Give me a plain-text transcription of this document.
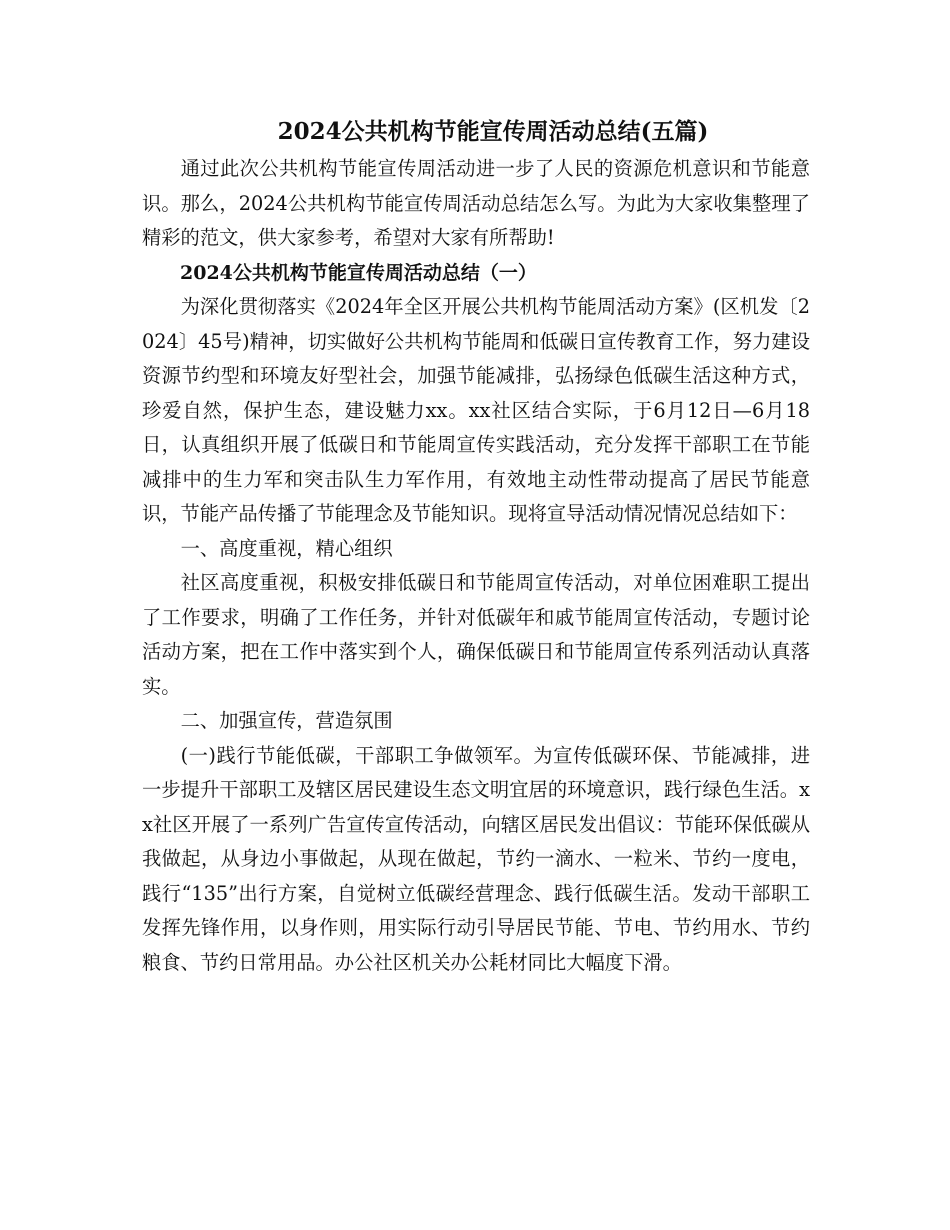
2024公共机构节能宣传周活动总结(五篇)

通过此次公共机构节能宣传周活动进一步了人民的资源危机意识和节能意识。那么，2024公共机构节能宣传周活动总结怎么写。为此为大家收集整理了精彩的范文，供大家参考，希望对大家有所帮助!

2024公共机构节能宣传周活动总结（一）

为深化贯彻落实《2024年全区开展公共机构节能周活动方案》(区机发〔2024〕45号)精神，切实做好公共机构节能周和低碳日宣传教育工作，努力建设资源节约型和环境友好型社会，加强节能减排，弘扬绿色低碳生活这种方式，珍爱自然，保护生态，建设魅力xx。xx社区结合实际，于6月12日—6月18日，认真组织开展了低碳日和节能周宣传实践活动，充分发挥干部职工在节能减排中的生力军和突击队生力军作用，有效地主动性带动提高了居民节能意识，节能产品传播了节能理念及节能知识。现将宣导活动情况情况总结如下：

一、高度重视，精心组织

社区高度重视，积极安排低碳日和节能周宣传活动，对单位困难职工提出了工作要求，明确了工作任务，并针对低碳年和戚节能周宣传活动，专题讨论活动方案，把在工作中落实到个人，确保低碳日和节能周宣传系列活动认真落实。

二、加强宣传，营造氛围

(一)践行节能低碳，干部职工争做领军。为宣传低碳环保、节能减排，进一步提升干部职工及辖区居民建设生态文明宜居的环境意识，践行绿色生活。xx社区开展了一系列广告宣传宣传活动，向辖区居民发出倡议：节能环保低碳从我做起，从身边小事做起，从现在做起，节约一滴水、一粒米、节约一度电，践行“135”出行方案，自觉树立低碳经营理念、践行低碳生活。发动干部职工发挥先锋作用，以身作则，用实际行动引导居民节能、节电、节约用水、节约粮食、节约日常用品。办公社区机关办公耗材同比大幅度下滑。
